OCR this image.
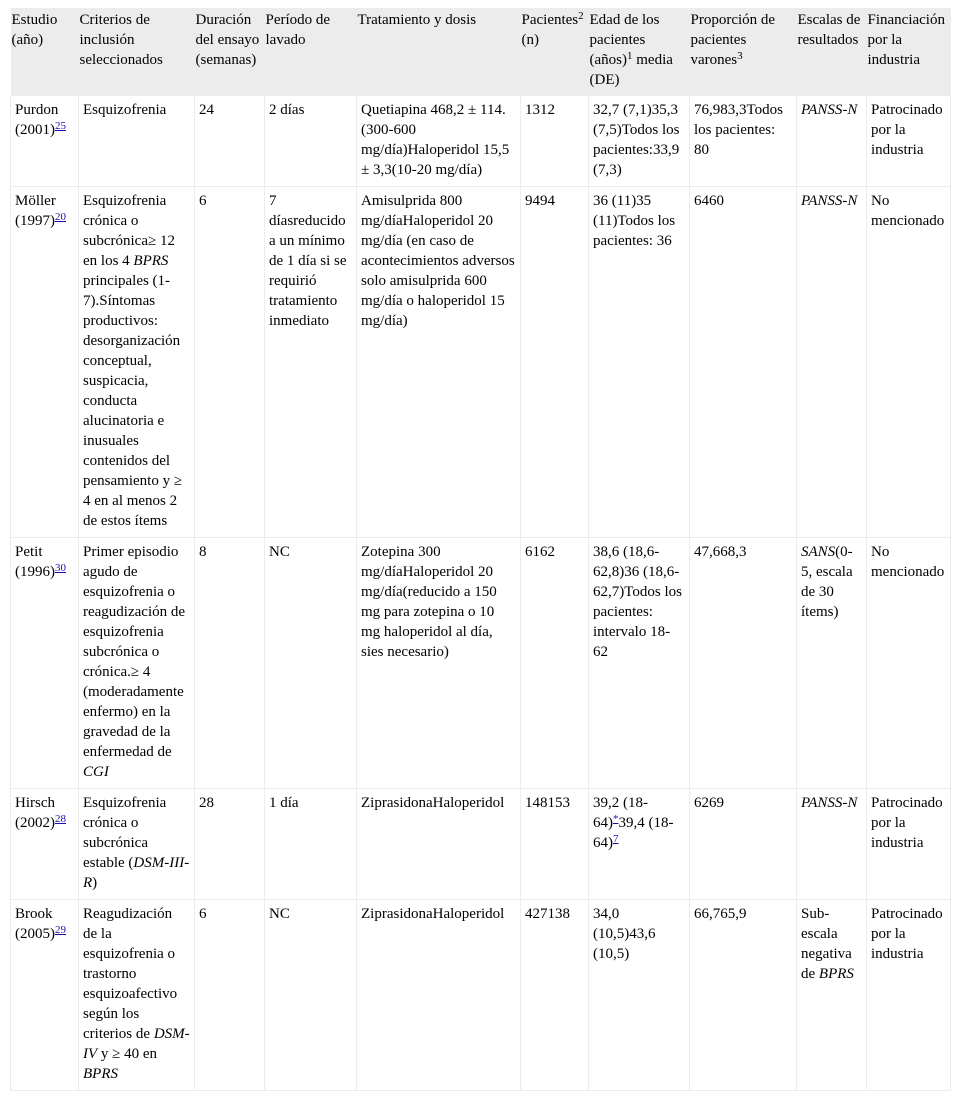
Estudio (año)	Criterios de inclusión seleccionados	Duración del ensayo (semanas)	Período de lavado	Tratamiento y dosis	Pacientes$^2$ (n)	Edad de los pacientes (años)$^1$ media (DE)	Proporción de pacientes varones$^3$	Escalas de resultados	Financiación por la industria
Purdon (2001)$^{25}$	Esquizofrenia	24	2 días	Quetiapina 468,2 ± 114.(300-600 mg/día)Haloperidol 15,5 ± 3,3(10-20 mg/día)	1312	32,7 (7,1)35,3 (7,5)Todos los pacientes:33,9 (7,3)	76,983,3Todos los pacientes: 80	PANSS-N	Patrocinado por la industria
Möller (1997)$^{20}$	Esquizofrenia crónica o subcrónica≥ 12 en los 4 BPRS principales (1-7).Síntomas productivos: desorganización conceptual, suspicacia, conducta alucinatoria e inusuales contenidos del pensamiento y ≥ 4 en al menos 2 de estos ítems	6	7 díasreducido a un mínimo de 1 día si se requirió tratamiento inmediato	Amisulprida 800 mg/díaHaloperidol 20 mg/día (en caso de acontecimientos adversos solo amisulprida 600 mg/día o haloperidol 15 mg/día)	9494	36 (11)35 (11)Todos los pacientes: 36	6460	PANSS-N	No mencionado
Petit (1996)$^{30}$	Primer episodio agudo de esquizofrenia o reagudización de esquizofrenia subcrónica o crónica.≥ 4 (moderadamente enfermo) en la gravedad de la enfermedad de CGI	8	NC	Zotepina 300 mg/díaHaloperidol 20 mg/día(reducido a 150 mg para zotepina o 10 mg haloperidol al día, sies necesario)	6162	38,6 (18,6-62,8)36 (18,6-62,7)Todos los pacientes: intervalo 18-62	47,668,3	SANS(0-5, escala de 30 ítems)	No mencionado
Hirsch (2002)$^{28}$	Esquizofrenia crónica o subcrónica estable (DSM-III-R)	28	1 día	ZiprasidonaHaloperidol	148153	39,2 (18-64)*39,4 (18-64)$^7$	6269	PANSS-N	Patrocinado por la industria
Brook (2005)$^{29}$	Reagudización de la esquizofrenia o trastorno esquizoafectivo según los criterios de DSM-IV y ≥ 40 en BPRS	6	NC	ZiprasidonaHaloperidol	427138	34,0 (10,5)43,6 (10,5)	66,765,9	Sub-escala negativa de BPRS	Patrocinado por la industria
